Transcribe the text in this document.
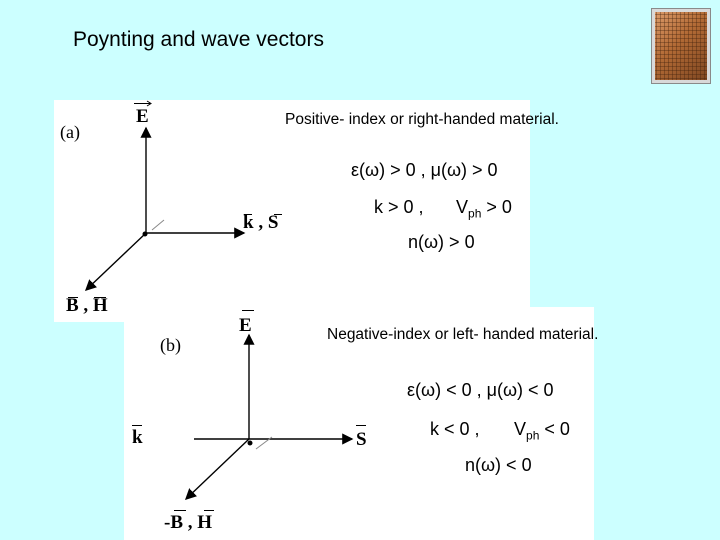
Poynting and wave vectors
(a)
E
k , S
B , H
Positive- index or right-handed material.
ε(ω) > 0 , μ(ω) > 0
k > 0 , $V_{ph} > 0$
n(ω) > 0
(b)
E
k	S
-B , H
Negative-index or left- handed material.
ε(ω) < 0 , μ(ω) < 0
k < 0 , $V_{ph} < 0$
n(ω) < 0
